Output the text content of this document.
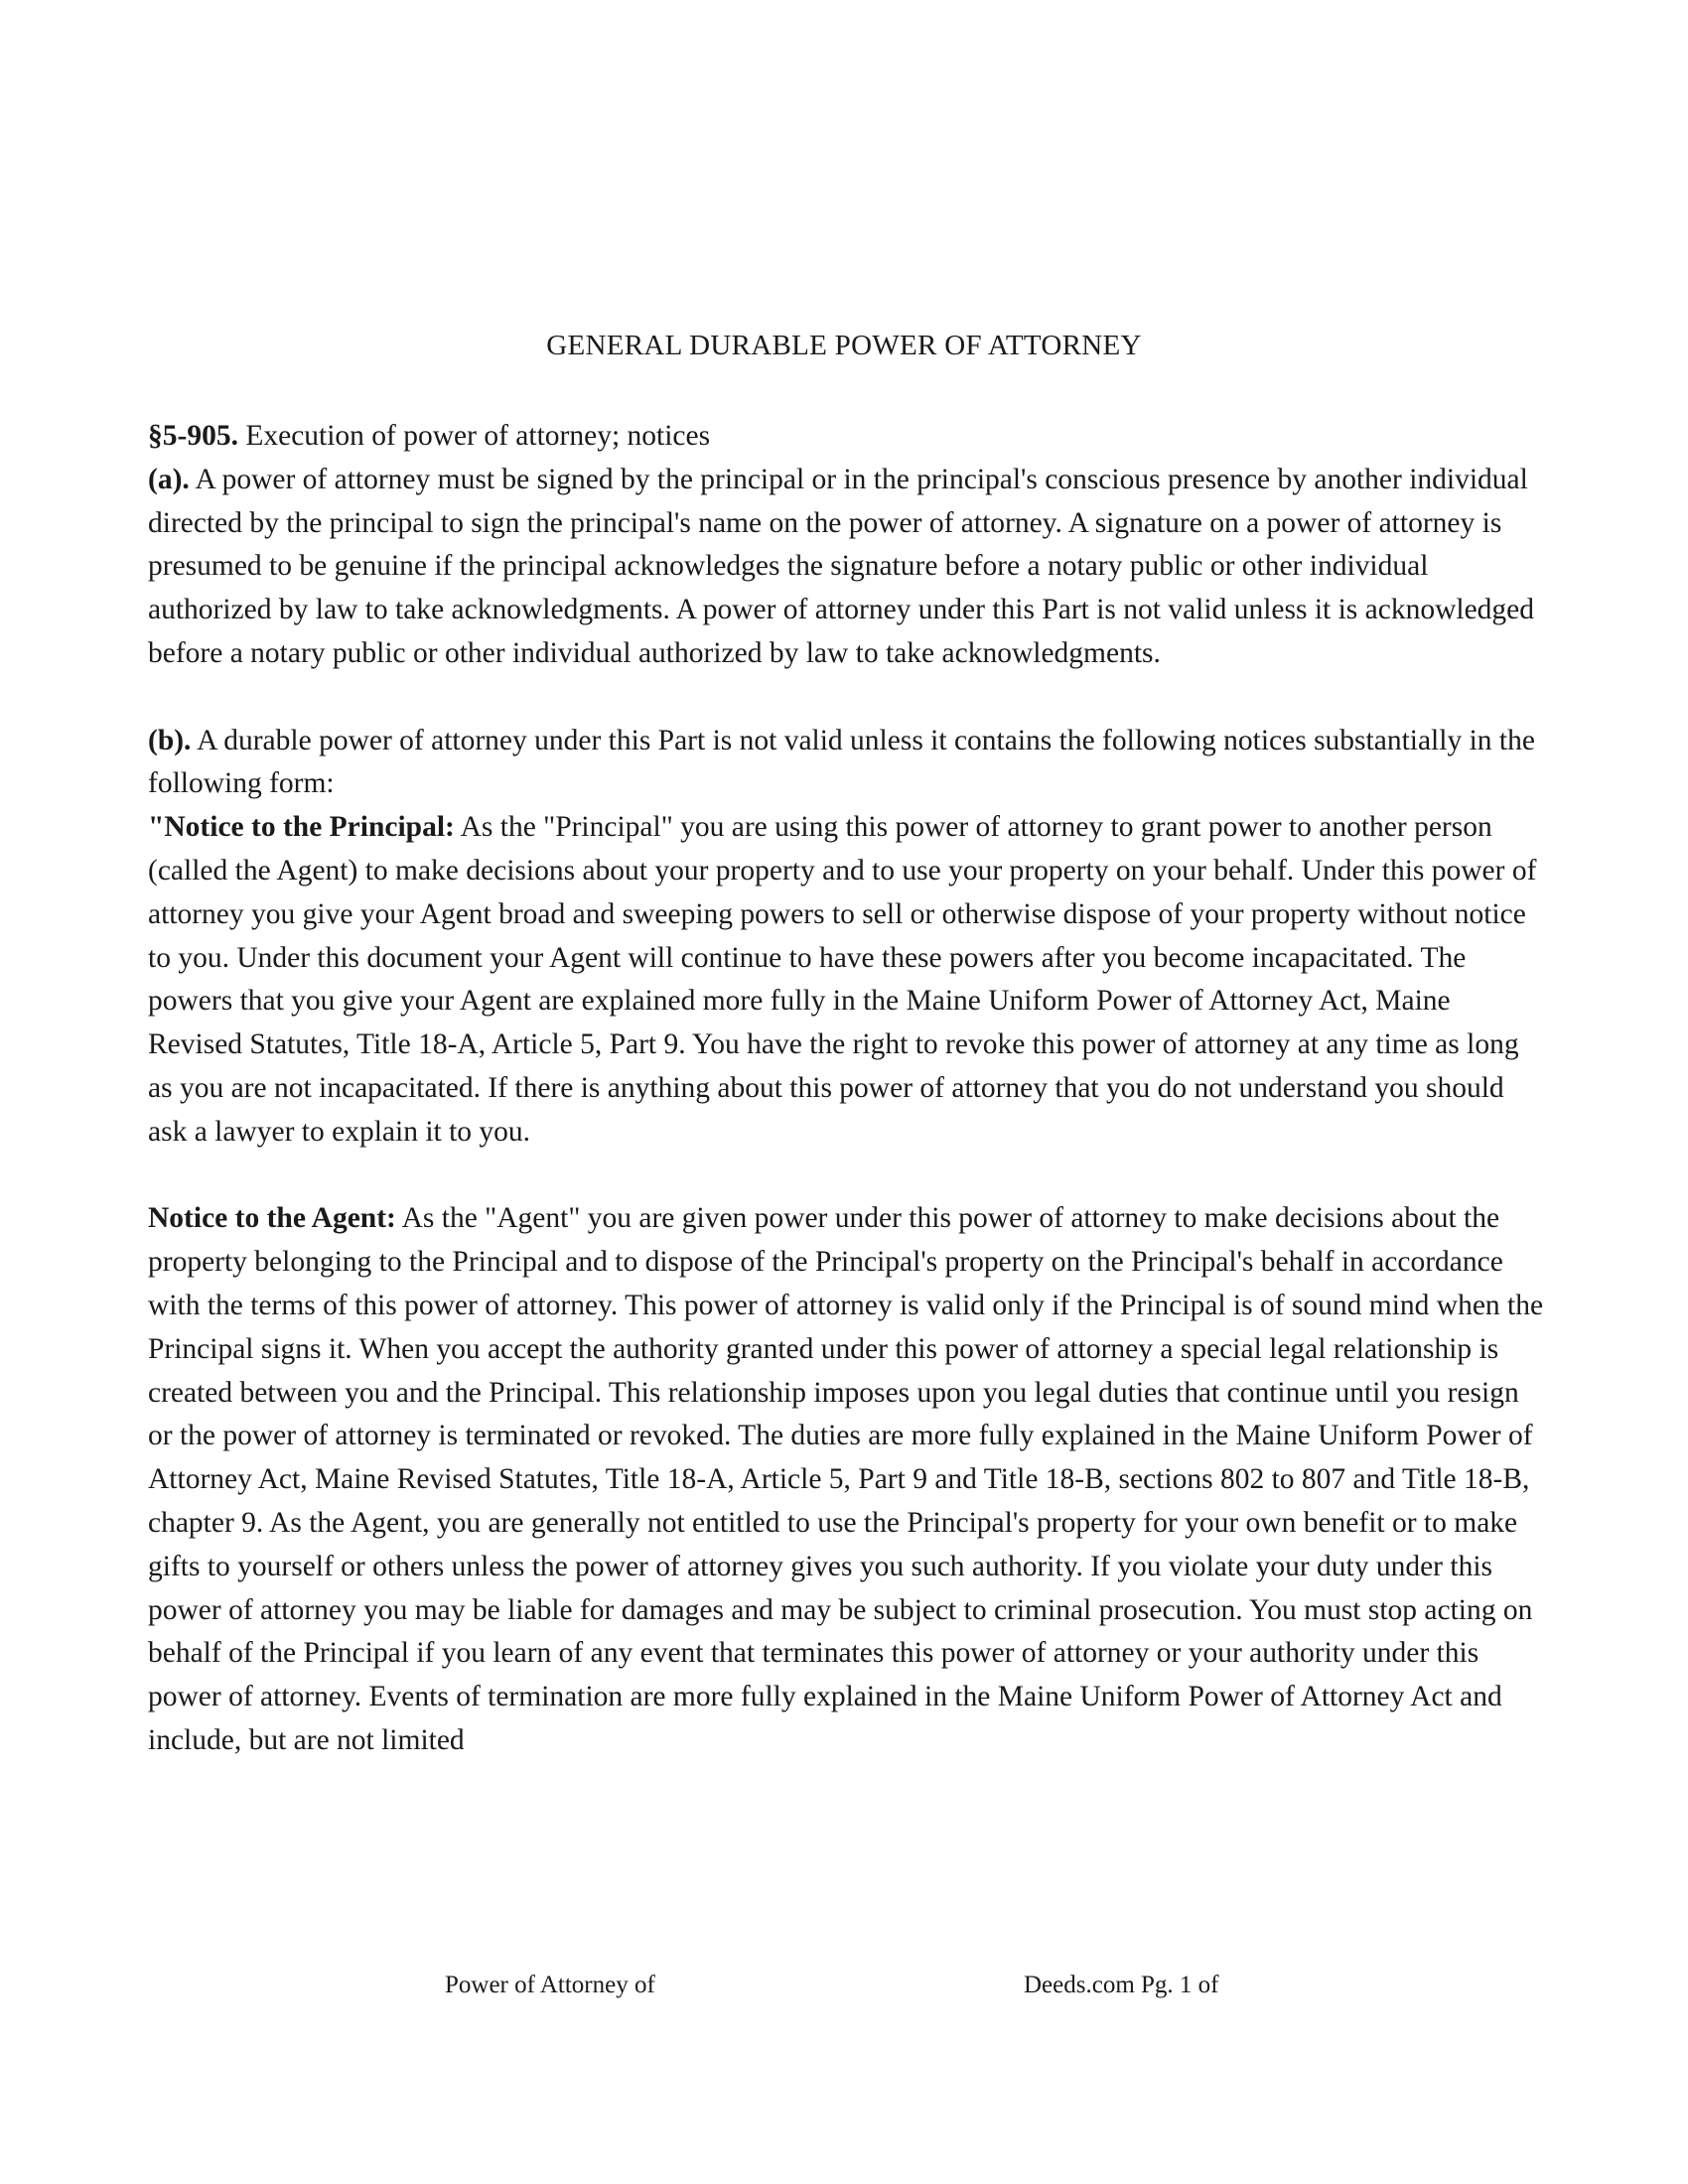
GENERAL DURABLE POWER OF ATTORNEY

§5-905. Execution of power of attorney; notices

(a). A power of attorney must be signed by the principal or in the principal's conscious presence by another individual directed by the principal to sign the principal's name on the power of attorney. A signature on a power of attorney is presumed to be genuine if the principal acknowledges the signature before a notary public or other individual authorized by law to take acknowledgments. A power of attorney under this Part is not valid unless it is acknowledged before a notary public or other individual authorized by law to take acknowledgments.

(b). A durable power of attorney under this Part is not valid unless it contains the following notices substantially in the following form:

"Notice to the Principal: As the "Principal" you are using this power of attorney to grant power to another person (called the Agent) to make decisions about your property and to use your property on your behalf. Under this power of attorney you give your Agent broad and sweeping powers to sell or otherwise dispose of your property without notice to you. Under this document your Agent will continue to have these powers after you become incapacitated. The powers that you give your Agent are explained more fully in the Maine Uniform Power of Attorney Act, Maine Revised Statutes, Title 18-A, Article 5, Part 9. You have the right to revoke this power of attorney at any time as long as you are not incapacitated. If there is anything about this power of attorney that you do not understand you should ask a lawyer to explain it to you.

Notice to the Agent: As the "Agent" you are given power under this power of attorney to make decisions about the property belonging to the Principal and to dispose of the Principal's property on the Principal's behalf in accordance with the terms of this power of attorney. This power of attorney is valid only if the Principal is of sound mind when the Principal signs it. When you accept the authority granted under this power of attorney a special legal relationship is created between you and the Principal. This relationship imposes upon you legal duties that continue until you resign or the power of attorney is terminated or revoked. The duties are more fully explained in the Maine Uniform Power of Attorney Act, Maine Revised Statutes, Title 18-A, Article 5, Part 9 and Title 18-B, sections 802 to 807 and Title 18-B, chapter 9. As the Agent, you are generally not entitled to use the Principal's property for your own benefit or to make gifts to yourself or others unless the power of attorney gives you such authority. If you violate your duty under this power of attorney you may be liable for damages and may be subject to criminal prosecution. You must stop acting on behalf of the Principal if you learn of any event that terminates this power of attorney or your authority under this power of attorney. Events of termination are more fully explained in the Maine Uniform Power of Attorney Act and include, but are not limited

Power of Attorney of	Deeds.com Pg. 1 of
